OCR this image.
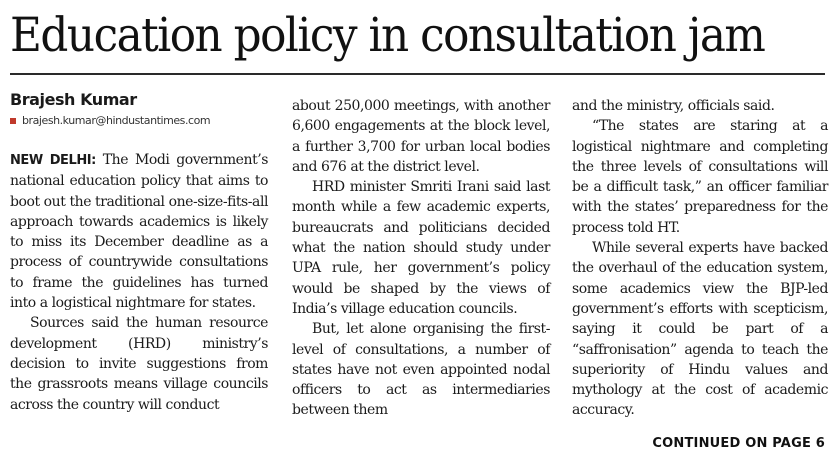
Education policy in consultation jam
Brajesh Kumar
brajesh.kumar@hindustantimes.com

NEW DELHI: The Modi government’s national education policy that aims to boot out the traditional one-size-fits-all approach towards academics is likely to miss its December deadline as a process of countrywide consultations to frame the guidelines has turned into a logistical nightmare for states.

Sources said the human resource development (HRD) ministry’s decision to invite suggestions from the grassroots means village councils across the country will conduct

about 250,000 meetings, with another 6,600 engagements at the block level, a further 3,700 for urban local bodies and 676 at the district level.

HRD minister Smriti Irani said last month while a few academic experts, bureaucrats and politicians decided what the nation should study under UPA rule, her government’s policy would be shaped by the views of India’s village education councils.

But, let alone organising the first-level of consultations, a number of states have not even appointed nodal officers to act as intermediaries between them

and the ministry, officials said.

“The states are staring at a logistical nightmare and completing the three levels of consultations will be a difficult task,” an officer familiar with the states’ preparedness for the process told HT.

While several experts have backed the overhaul of the education system, some academics view the BJP-led government’s efforts with scepticism, saying it could be part of a “saffronisation” agenda to teach the superiority of Hindu values and mythology at the cost of academic accuracy.

CONTINUED ON PAGE 6
